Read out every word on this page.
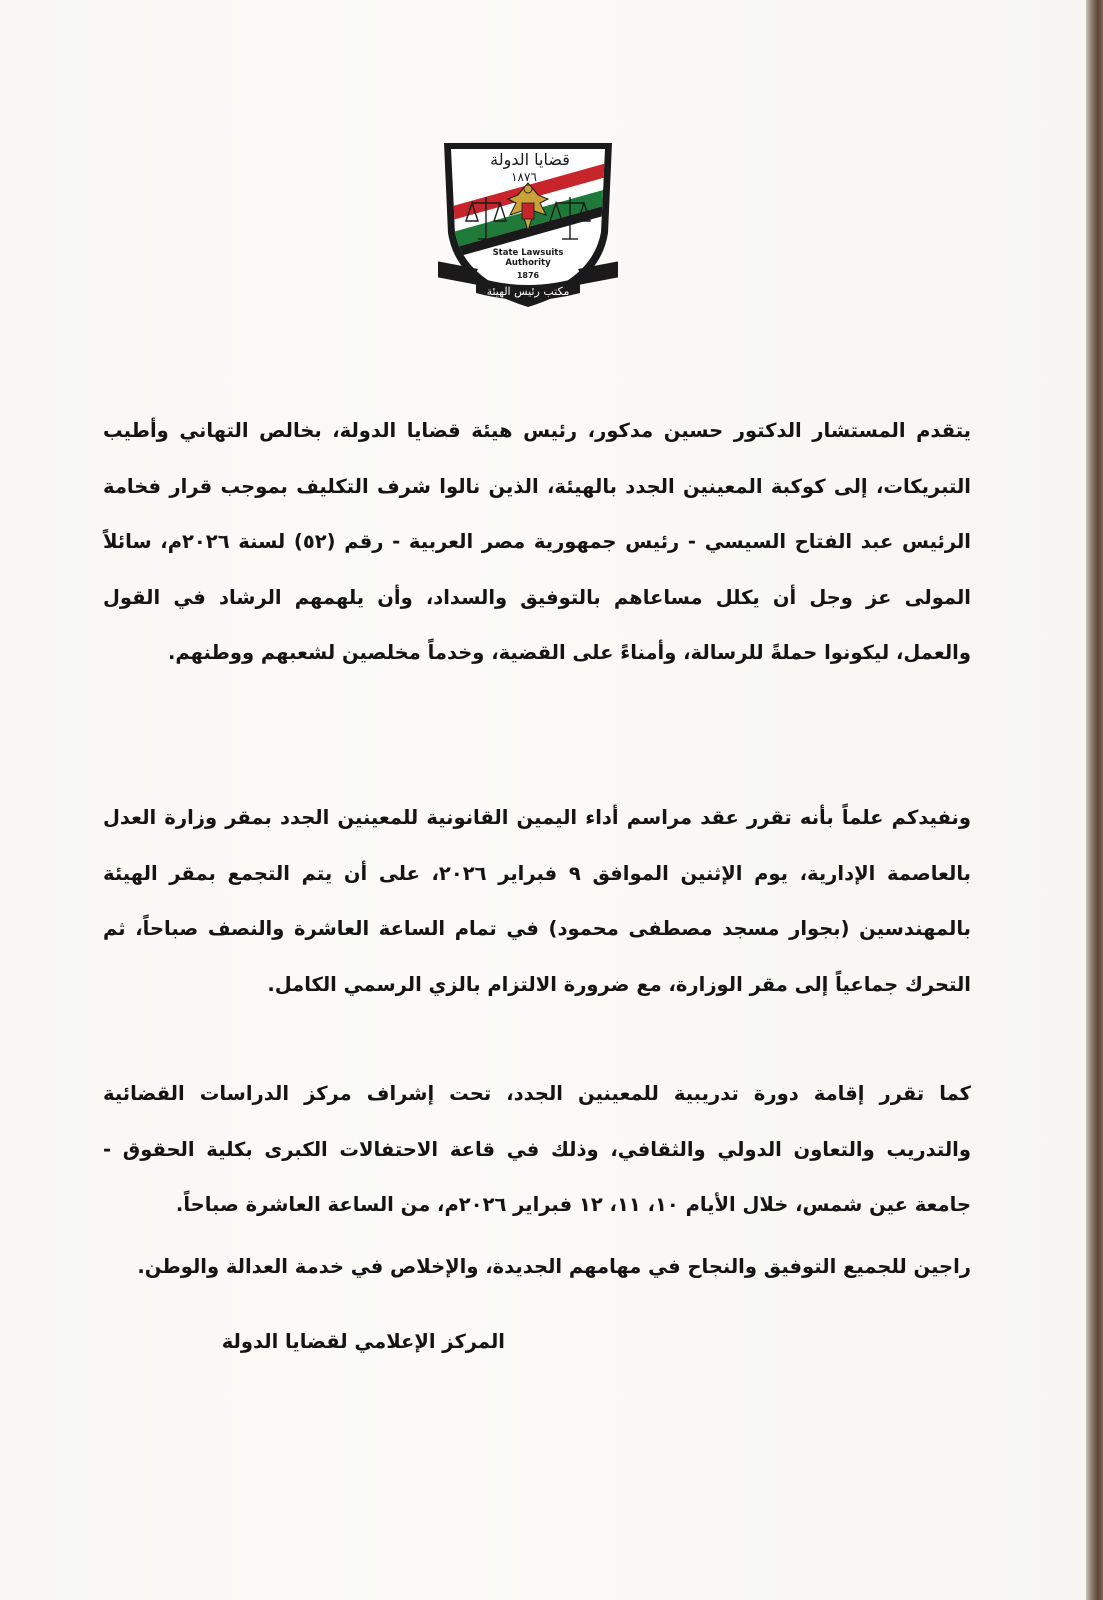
قضايا الدولة
١٨٧٦
State Lawsuits
Authority
1876
مكتب رئيس الهيئة

يتقدم المستشار الدكتور حسين مدكور، رئيس هيئة قضايا الدولة، بخالص التهاني وأطيب التبريكات، إلى كوكبة المعينين الجدد بالهيئة، الذين نالوا شرف التكليف بموجب قرار فخامة الرئيس عبد الفتاح السيسي - رئيس جمهورية مصر العربية - رقم (٥٢) لسنة ٢٠٢٦م، سائلاً المولى عز وجل أن يكلل مساعاهم بالتوفيق والسداد، وأن يلهمهم الرشاد في القول والعمل، ليكونوا حملةً للرسالة، وأمناءً على القضية، وخدماً مخلصين لشعبهم ووطنهم.

ونفيدكم علماً بأنه تقرر عقد مراسم أداء اليمين القانونية للمعينين الجدد بمقر وزارة العدل بالعاصمة الإدارية، يوم الإثنين الموافق ٩ فبراير ٢٠٢٦، على أن يتم التجمع بمقر الهيئة بالمهندسين (بجوار مسجد مصطفى محمود) في تمام الساعة العاشرة والنصف صباحاً، ثم التحرك جماعياً إلى مقر الوزارة، مع ضرورة الالتزام بالزي الرسمي الكامل.

كما تقرر إقامة دورة تدريبية للمعينين الجدد، تحت إشراف مركز الدراسات القضائية والتدريب والتعاون الدولي والثقافي، وذلك في قاعة الاحتفالات الكبرى بكلية الحقوق - جامعة عين شمس، خلال الأيام ١٠، ١١، ١٢ فبراير ٢٠٢٦م، من الساعة العاشرة صباحاً.

راجين للجميع التوفيق والنجاح في مهامهم الجديدة، والإخلاص في خدمة العدالة والوطن.

المركز الإعلامي لقضايا الدولة
